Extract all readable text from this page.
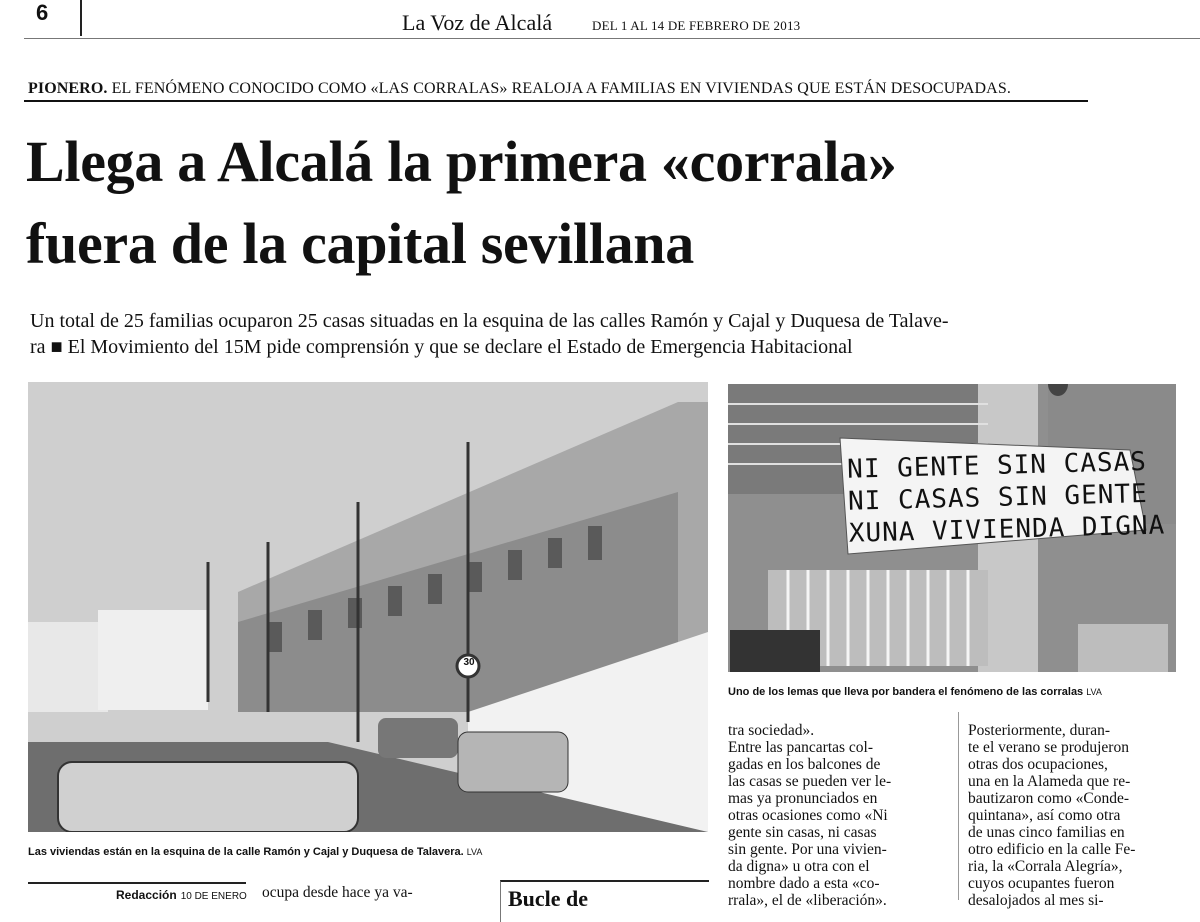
6	La Voz de Alcalá	DEL 1 AL 14 DE FEBRERO DE 2013
PIONERO. EL FENÓMENO CONOCIDO COMO «LAS CORRALAS» REALOJA A FAMILIAS EN VIVIENDAS QUE ESTÁN DESOCUPADAS.
Llega a Alcalá la primera «corrala»
fuera de la capital sevillana
Un total de 25 familias ocuparon 25 casas situadas en la esquina de las calles Ramón y Cajal y Duquesa de Talave-
ra ■ El Movimiento del 15M pide comprensión y que se declare el Estado de Emergencia Habitacional
30
NI GENTE SIN CASAS
NI CASAS SIN GENTE
XUNA VIVIENDA DIGNA
Las viviendas están en la esquina de la calle Ramón y Cajal y Duquesa de Talavera. LVA
Uno de los lemas que lleva por bandera el fenómeno de las corralas LVA
tra sociedad».
Entre las pancartas col-
gadas en los balcones de
las casas se pueden ver le-
mas ya pronunciados en
otras ocasiones como «Ni
gente sin casas, ni casas
sin gente. Por una vivien-
da digna» u otra con el
nombre dado a esta «co-
rrala», el de «liberación».
Posteriormente, duran-
te el verano se produjeron
otras dos ocupaciones,
una en la Alameda que re-
bautizaron como «Conde-
quintana», así como otra
de unas cinco familias en
otro edificio en la calle Fe-
ria, la «Corrala Alegría»,
cuyos ocupantes fueron
desalojados al mes si-
Redacción 10 DE ENERO ocupa desde hace ya va-	Bucle de
